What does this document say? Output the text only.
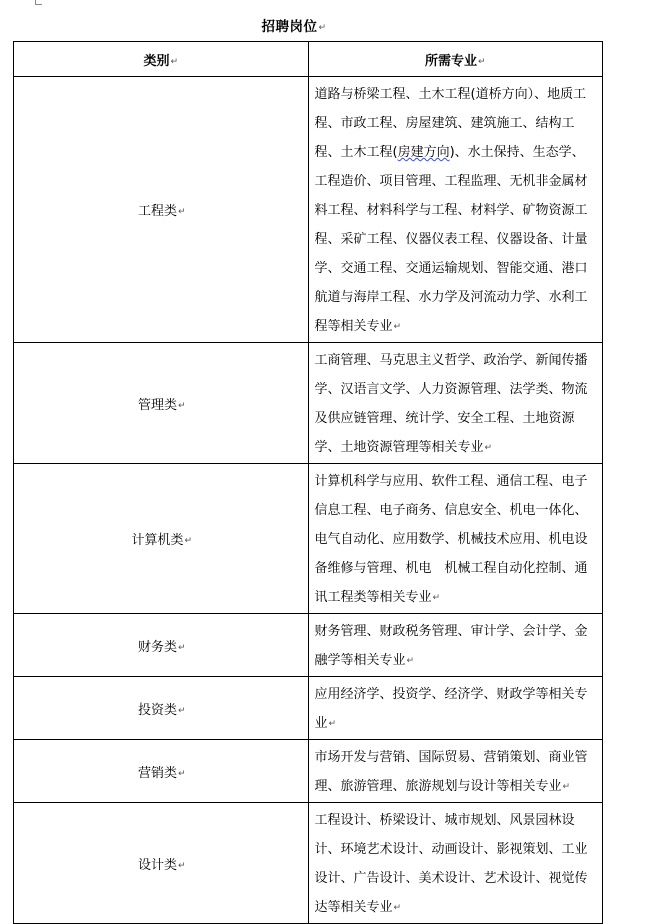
招聘岗位↵
类别↵	所需专业↵
工程类↵	道路与桥梁工程、土木工程(道桥方向）、地质工程、市政工程、房屋建筑、建筑施工、结构工程、土木工程(房建方向)、水土保持、生态学、工程造价、项目管理、工程监理、无机非金属材料工程、材料科学与工程、材料学、矿物资源工程、采矿工程、仪器仪表工程、仪器设备、计量学、交通工程、交通运输规划、智能交通、港口航道与海岸工程、水力学及河流动力学、水利工程等相关专业↵
管理类↵	工商管理、马克思主义哲学、政治学、新闻传播学、汉语言文学、人力资源管理、法学类、物流及供应链管理、统计学、安全工程、土地资源学、土地资源管理等相关专业↵
计算机类↵	计算机科学与应用、软件工程、通信工程、电子信息工程、电子商务、信息安全、机电一体化、电气自动化、应用数学、机械技术应用、机电设备维修与管理、机电　机械工程自动化控制、通讯工程类等相关专业↵
财务类↵	财务管理、财政税务管理、审计学、会计学、金融学等相关专业↵
投资类↵	应用经济学、投资学、经济学、财政学等相关专业↵
营销类↵	市场开发与营销、国际贸易、营销策划、商业管理、旅游管理、旅游规划与设计等相关专业↵
设计类↵	工程设计、桥梁设计、城市规划、风景园林设计、环境艺术设计、动画设计、影视策划、工业设计、广告设计、美术设计、艺术设计、视觉传达等相关专业↵
